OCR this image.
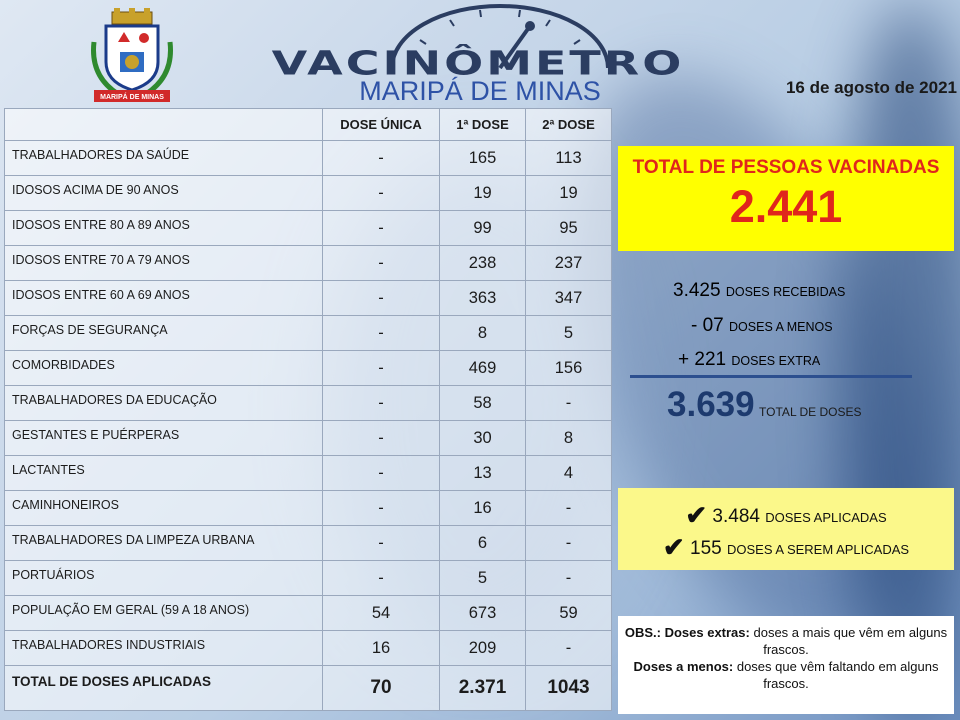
MARIPÁ DE MINAS
VACINÔMETRO
MARIPÁ DE MINAS	16 de agosto de 2021
	DOSE ÚNICA	1ª DOSE	2ª DOSE
TRABALHADORES DA SAÚDE	-	165	113
IDOSOS ACIMA DE 90 ANOS	-	19	19
IDOSOS ENTRE 80 A 89 ANOS	-	99	95
IDOSOS ENTRE 70 A 79 ANOS	-	238	237
IDOSOS ENTRE 60 A 69 ANOS	-	363	347
FORÇAS DE SEGURANÇA	-	8	5
COMORBIDADES	-	469	156
TRABALHADORES DA EDUCAÇÃO	-	58	-
GESTANTES E PUÉRPERAS	-	30	8
LACTANTES	-	13	4
CAMINHONEIROS	-	16	-
TRABALHADORES DA LIMPEZA URBANA	-	6	-
PORTUÁRIOS	-	5	-
POPULAÇÃO EM GERAL (59 A 18 ANOS)	54	673	59
TRABALHADORES INDUSTRIAIS	16	209	-
TOTAL DE DOSES APLICADAS	70	2.371	1043
TOTAL DE PESSOAS VACINADAS
2.441
3.425 DOSES RECEBIDAS
- 07 DOSES A MENOS
+ 221 DOSES EXTRA
3.639 TOTAL DE DOSES
✔ 3.484 DOSES APLICADAS
✔ 155 DOSES A SEREM APLICADAS

OBS.: Doses extras: doses a mais que vêm em alguns frascos.

Doses a menos: doses que vêm faltando em alguns frascos.
